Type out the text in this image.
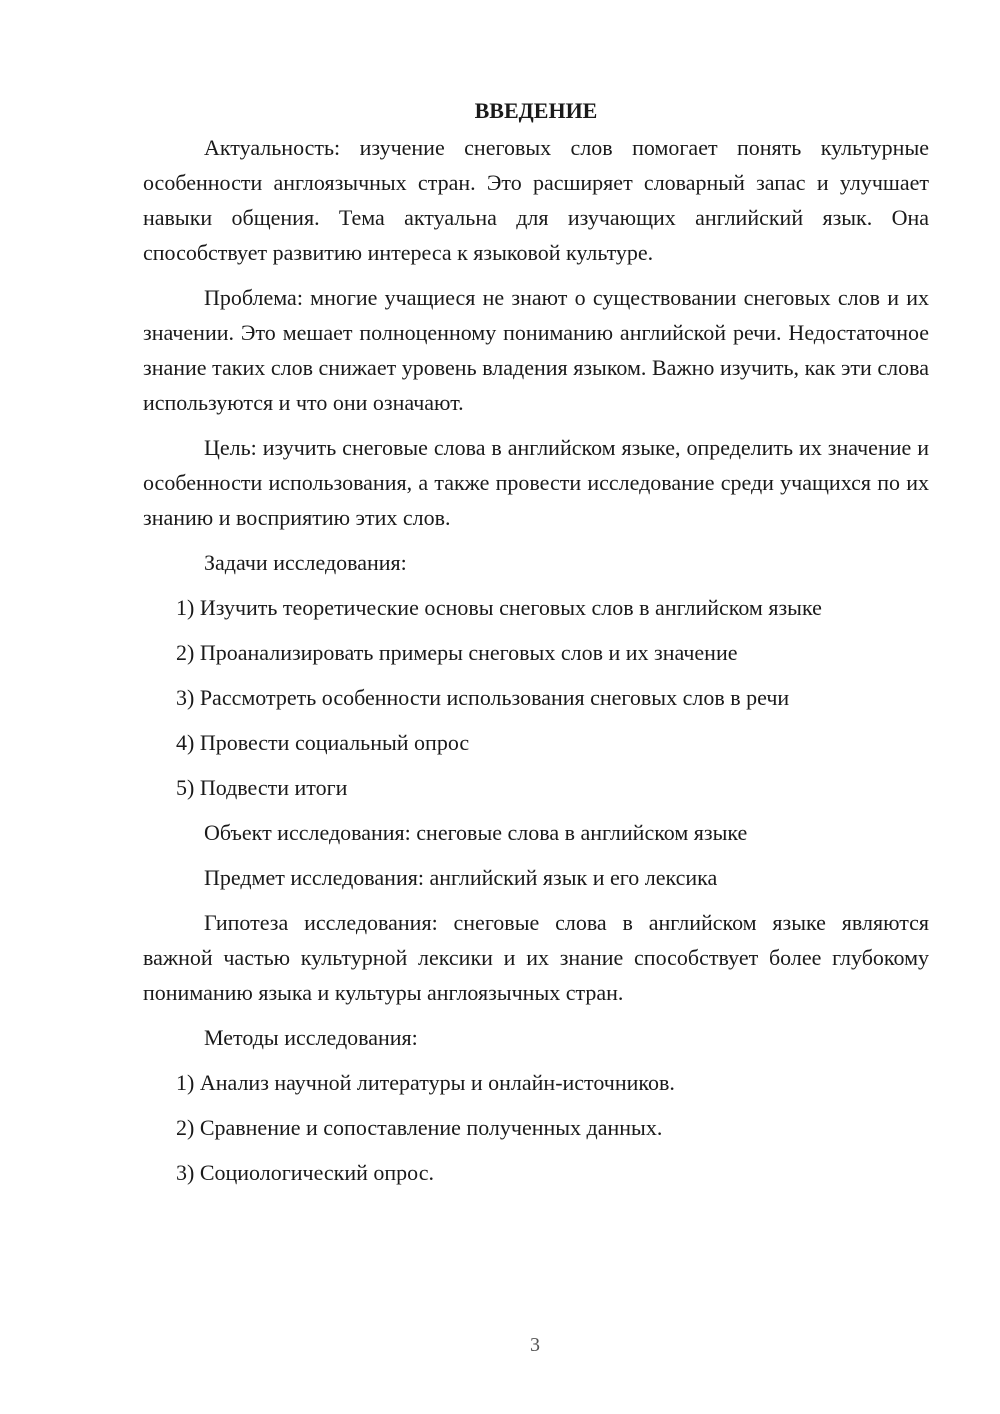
ВВЕДЕНИЕ

Актуальность: изучение снеговых слов помогает понять культурные особенности англоязычных стран. Это расширяет словарный запас и улучшает навыки общения. Тема актуальна для изучающих английский язык. Она способствует развитию интереса к языковой культуре.

Проблема: многие учащиеся не знают о существовании снеговых слов и их значении. Это мешает полноценному пониманию английской речи. Недостаточное знание таких слов снижает уровень владения языком. Важно изучить, как эти слова используются и что они означают.

Цель: изучить снеговые слова в английском языке, определить их значение и особенности использования, а также провести исследование среди учащихся по их знанию и восприятию этих слов.

Задачи исследования:
1) Изучить теоретические основы снеговых слов в английском языке
2) Проанализировать примеры снеговых слов и их значение
3) Рассмотреть особенности использования снеговых слов в речи
4) Провести социальный опрос
5) Подвести итоги
Объект исследования: снеговые слова в английском языке
Предмет исследования: английский язык и его лексика

Гипотеза исследования: снеговые слова в английском языке являются важной частью культурной лексики и их знание способствует более глубокому пониманию языка и культуры англоязычных стран.

Методы исследования:
1) Анализ научной литературы и онлайн-источников.
2) Сравнение и сопоставление полученных данных.
3) Социологический опрос.
3
